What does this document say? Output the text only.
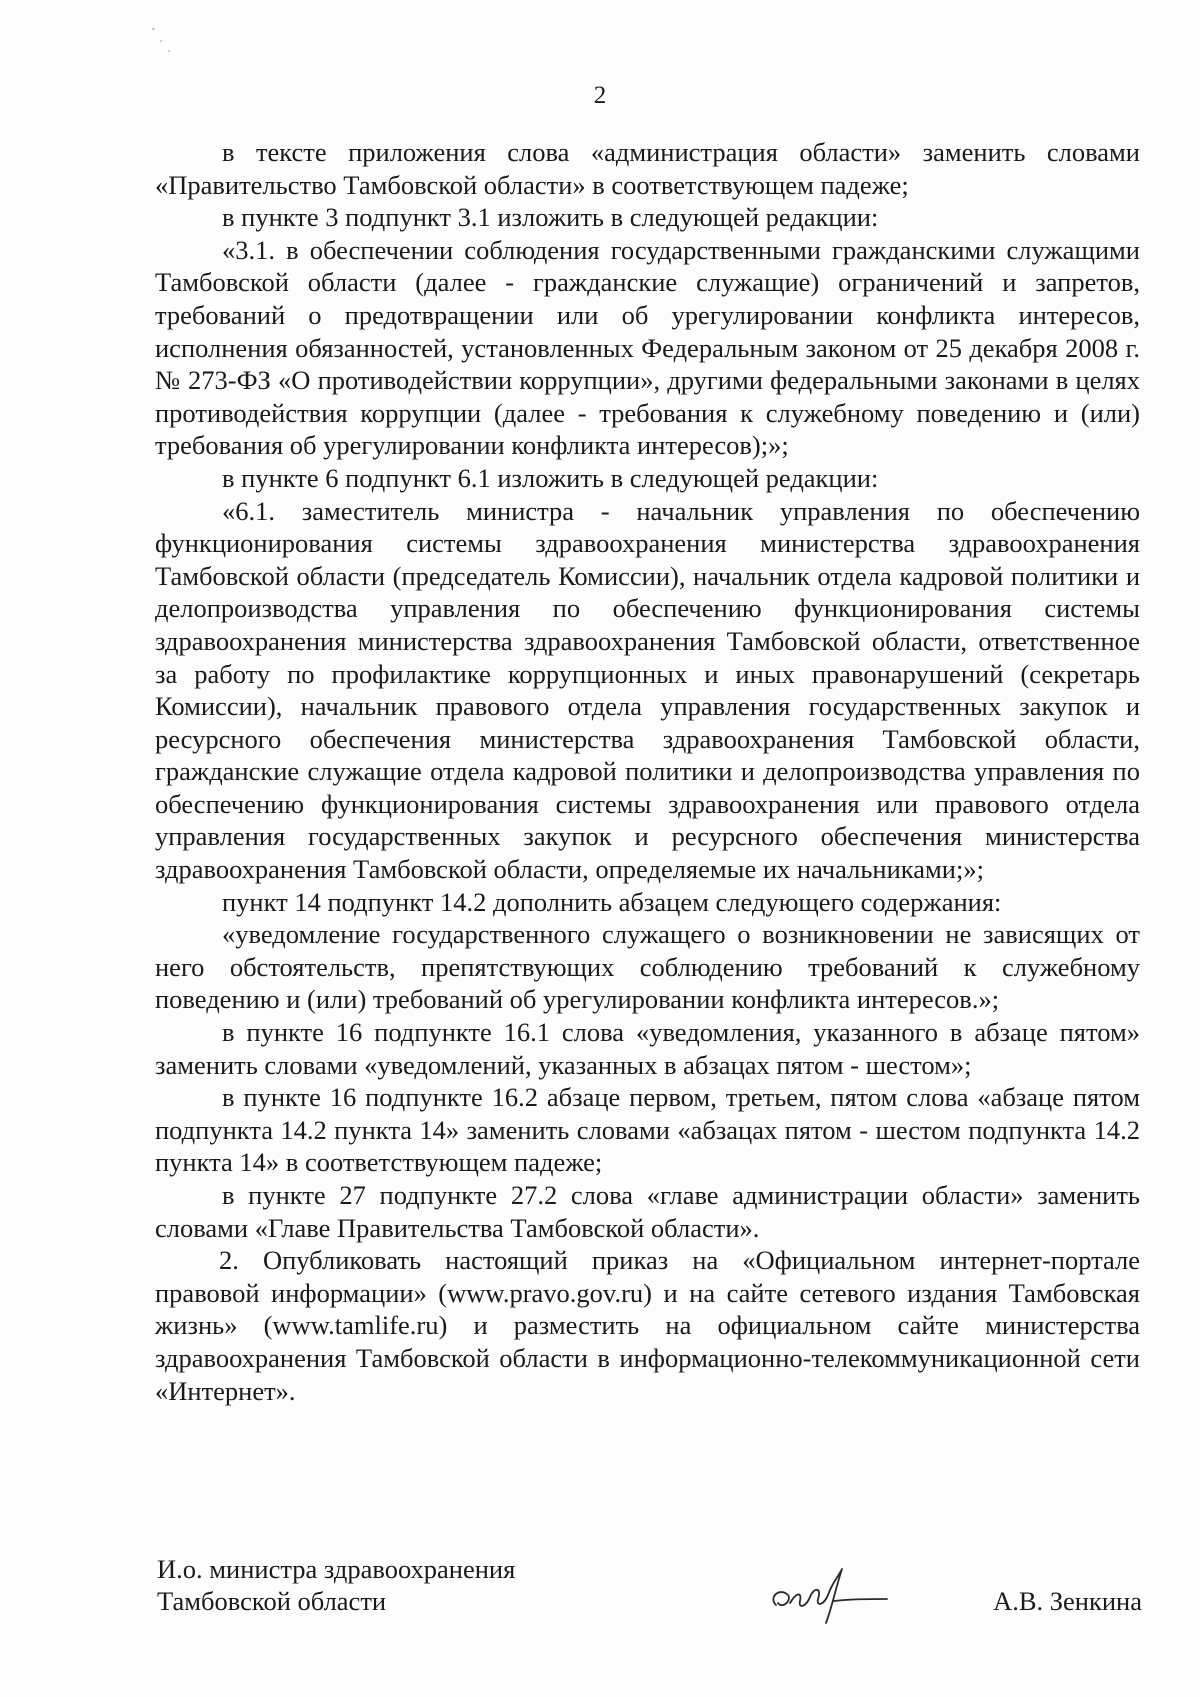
2

в тексте приложения слова «администрация области» заменить словами «Правительство Тамбовской области» в соответствующем падеже;

в пункте 3 подпункт 3.1 изложить в следующей редакции:

«3.1. в обеспечении соблюдения государственными гражданскими служащими Тамбовской области (далее - гражданские служащие) ограничений и запретов, требований о предотвращении или об урегулировании конфликта интересов, исполнения обязанностей, установленных Федеральным законом от 25 декабря 2008 г. № 273-ФЗ «О противодействии коррупции», другими федеральными законами в целях противодействия коррупции (далее - требования к служебному поведению и (или) требования об урегулировании конфликта интересов);»;

в пункте 6 подпункт 6.1 изложить в следующей редакции:

«6.1. заместитель министра - начальник управления по обеспечению функционирования системы здравоохранения министерства здравоохранения Тамбовской области (председатель Комиссии), начальник отдела кадровой политики и делопроизводства управления по обеспечению функционирования системы здравоохранения министерства здравоохранения Тамбовской области, ответственное за работу по профилактике коррупционных и иных правонарушений (секретарь Комиссии), начальник правового отдела управления государственных закупок и ресурсного обеспечения министерства здравоохранения Тамбовской области, гражданские служащие отдела кадровой политики и делопроизводства управления по обеспечению функционирования системы здравоохранения или правового отдела управления государственных закупок и ресурсного обеспечения министерства здравоохранения Тамбовской области, определяемые их начальниками;»;

пункт 14 подпункт 14.2 дополнить абзацем следующего содержания:

«уведомление государственного служащего о возникновении не зависящих от него обстоятельств, препятствующих соблюдению требований к служебному поведению и (или) требований об урегулировании конфликта интересов.»;

в пункте 16 подпункте 16.1 слова «уведомления, указанного в абзаце пятом» заменить словами «уведомлений, указанных в абзацах пятом - шестом»;

в пункте 16 подпункте 16.2 абзаце первом, третьем, пятом слова «абзаце пятом подпункта 14.2 пункта 14» заменить словами «абзацах пятом - шестом подпункта 14.2 пункта 14» в соответствующем падеже;

в пункте 27 подпункте 27.2 слова «главе администрации области» заменить словами «Главе Правительства Тамбовской области».

2. Опубликовать настоящий приказ на «Официальном интернет-портале правовой информации» (www.pravo.gov.ru) и на сайте сетевого издания Тамбовская жизнь» (www.tamlife.ru) и разместить на официальном сайте министерства здравоохранения Тамбовской области в информационно-телекоммуникационной сети «Интернет».

И.о. министра здравоохранения
Тамбовской области	А.В. Зенкина
